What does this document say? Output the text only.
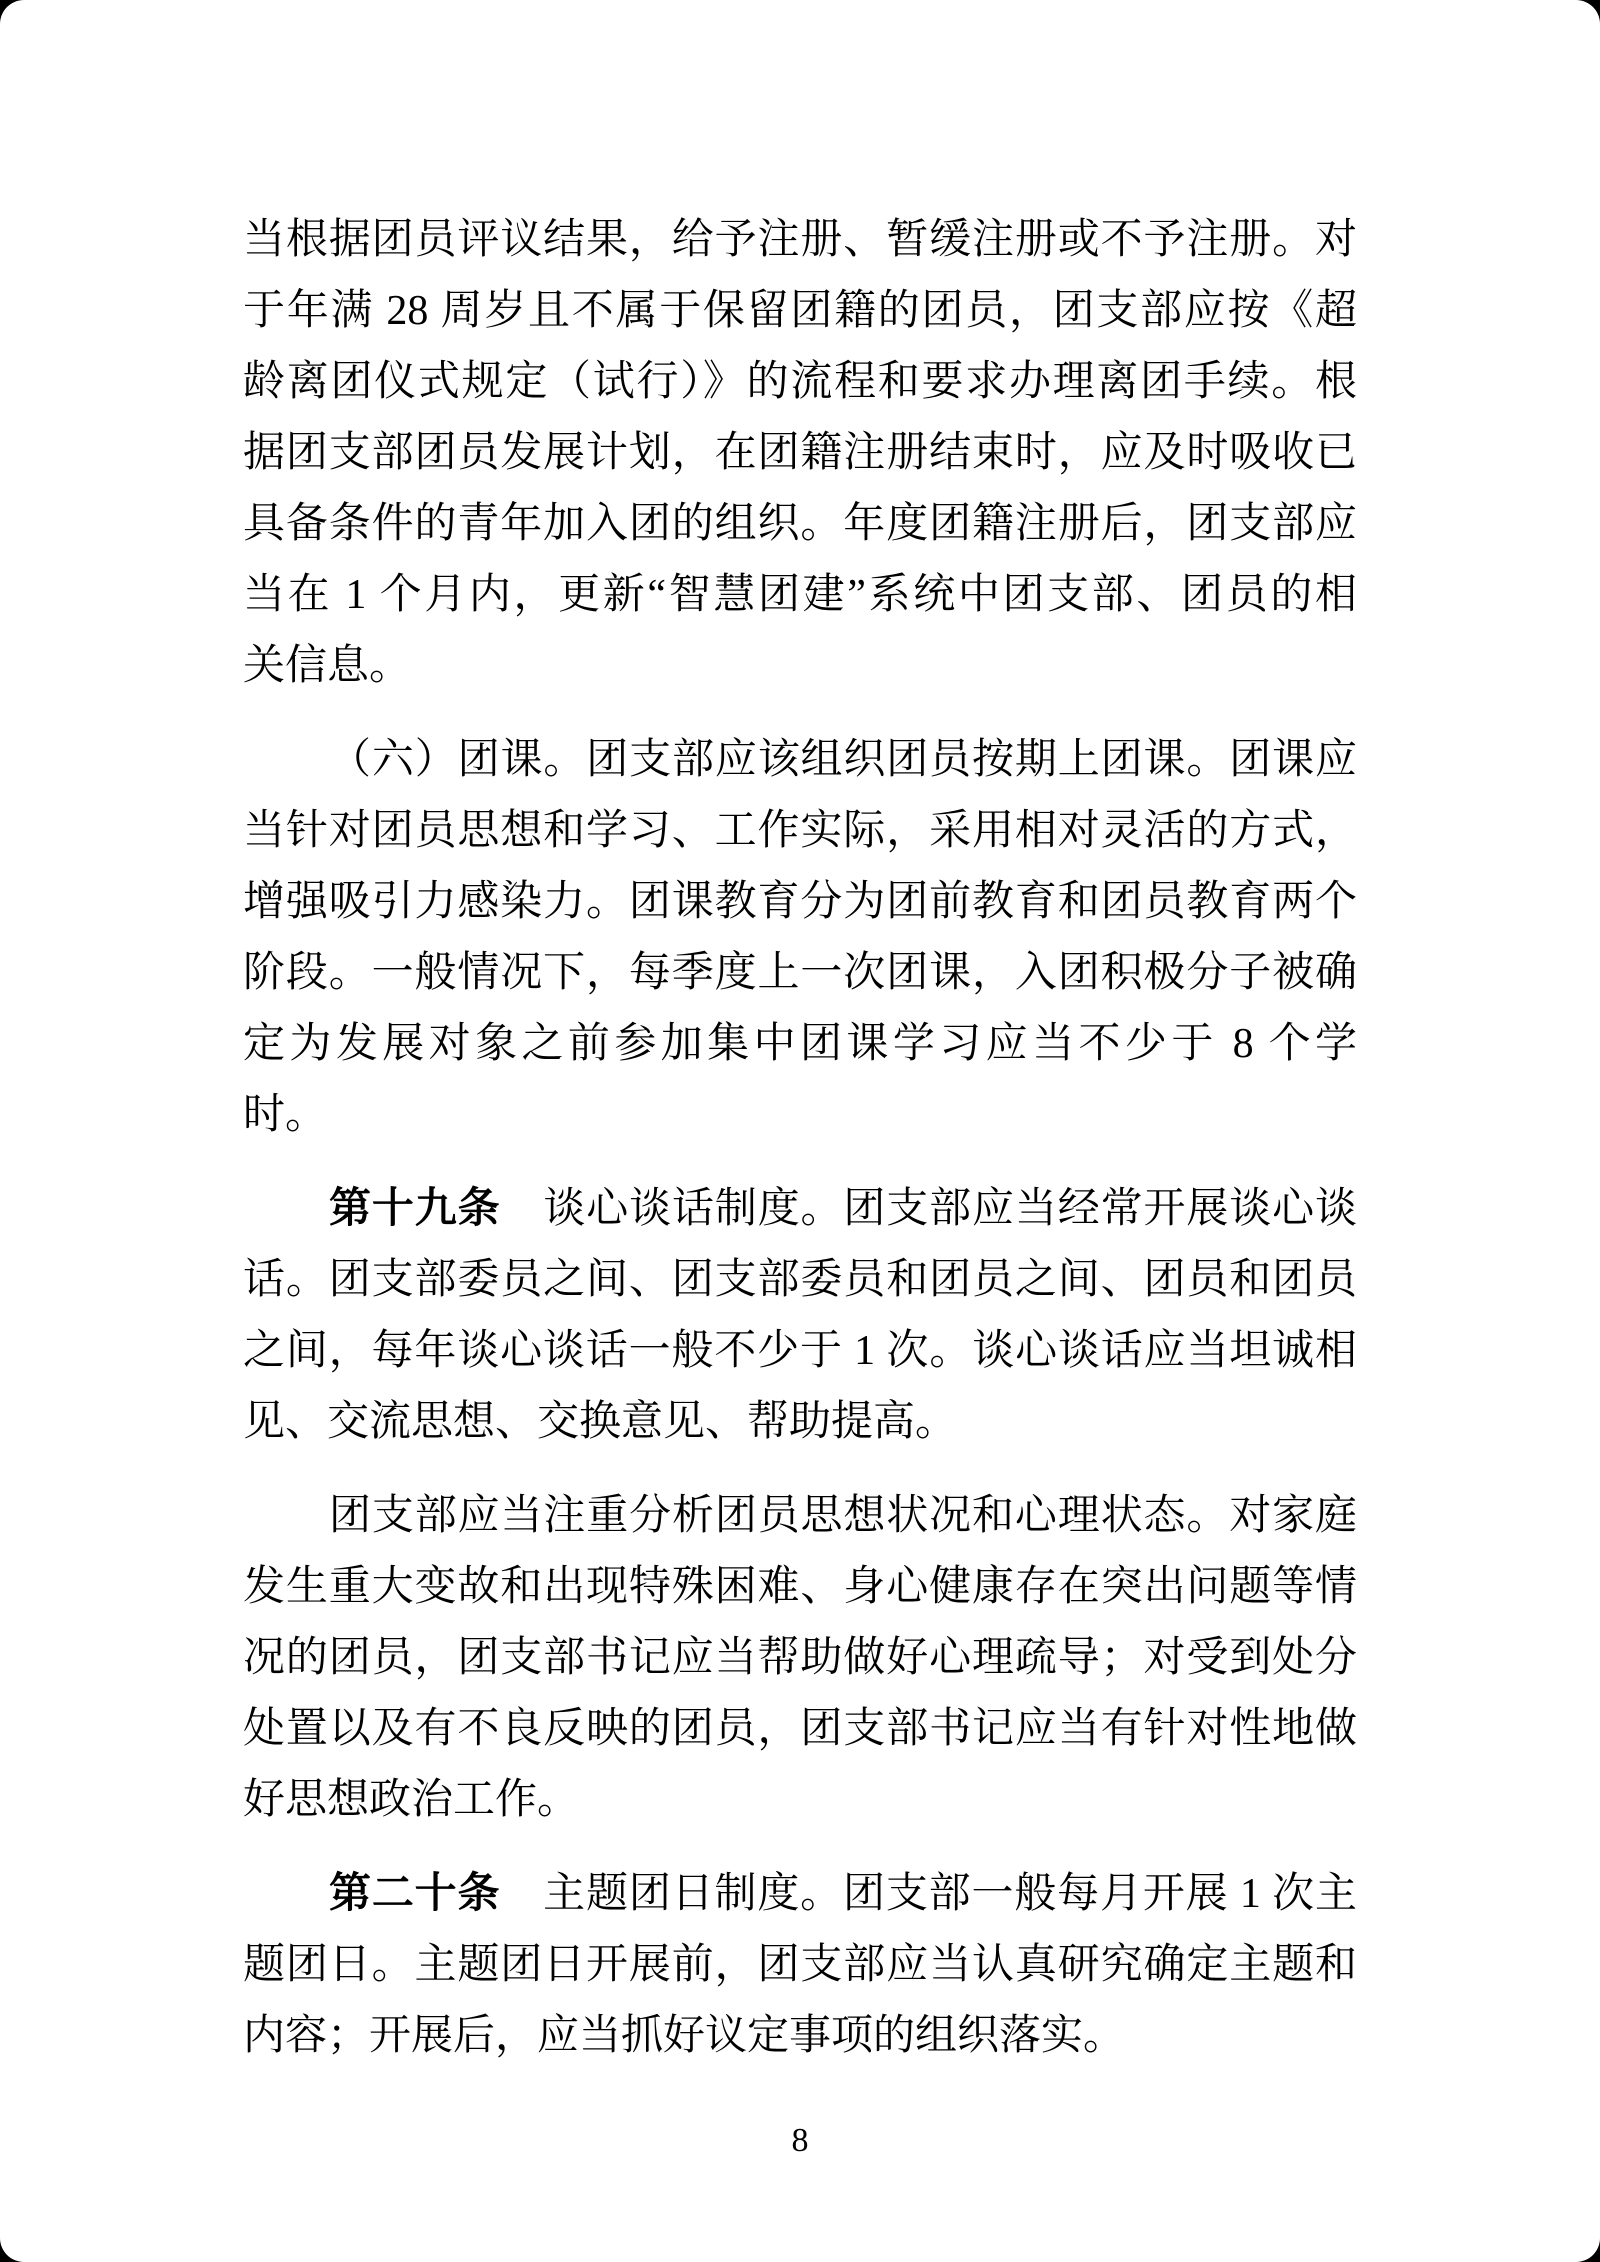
当根据团员评议结果，给予注册、暂缓注册或不予注册。对
于年满 28 周岁且不属于保留团籍的团员，团支部应按《超
龄离团仪式规定（试行）》的流程和要求办理离团手续。根
据团支部团员发展计划，在团籍注册结束时，应及时吸收已
具备条件的青年加入团的组织。年度团籍注册后，团支部应
当在 1 个月内，更新“智慧团建”系统中团支部、团员的相
关信息。
（六）团课。团支部应该组织团员按期上团课。团课应
当针对团员思想和学习、工作实际，采用相对灵活的方式，
增强吸引力感染力。团课教育分为团前教育和团员教育两个
阶段。一般情况下，每季度上一次团课，入团积极分子被确
定为发展对象之前参加集中团课学习应当不少于 8 个学
时。
第十九条　谈心谈话制度。团支部应当经常开展谈心谈
话。团支部委员之间、团支部委员和团员之间、团员和团员
之间，每年谈心谈话一般不少于 1 次。谈心谈话应当坦诚相
见、交流思想、交换意见、帮助提高。
团支部应当注重分析团员思想状况和心理状态。对家庭
发生重大变故和出现特殊困难、身心健康存在突出问题等情
况的团员，团支部书记应当帮助做好心理疏导；对受到处分
处置以及有不良反映的团员，团支部书记应当有针对性地做
好思想政治工作。
第二十条　主题团日制度。团支部一般每月开展 1 次主
题团日。主题团日开展前，团支部应当认真研究确定主题和
内容；开展后，应当抓好议定事项的组织落实。
8
